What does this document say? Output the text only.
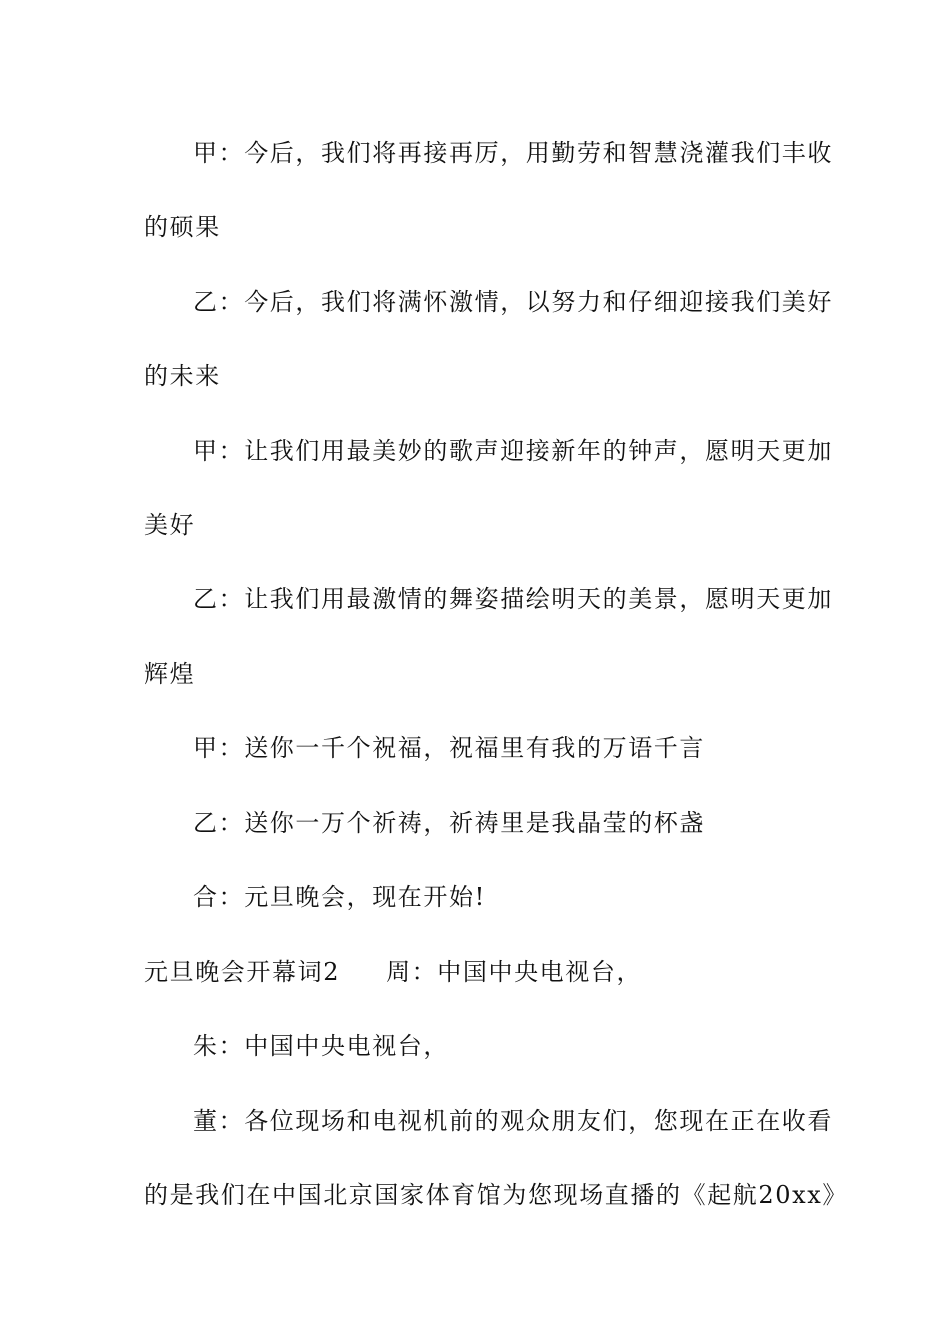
甲：今后，我们将再接再厉，用勤劳和智慧浇灌我们丰收
的硕果
乙：今后，我们将满怀激情，以努力和仔细迎接我们美好
的未来
甲：让我们用最美妙的歌声迎接新年的钟声，愿明天更加
美好
乙：让我们用最激情的舞姿描绘明天的美景，愿明天更加
辉煌
甲：送你一千个祝福，祝福里有我的万语千言
乙：送你一万个祈祷，祈祷里是我晶莹的杯盏
合：元旦晚会，现在开始!
元旦晚会开幕词2 周：中国中央电视台，
朱：中国中央电视台，
董：各位现场和电视机前的观众朋友们，您现在正在收看
的是我们在中国北京国家体育馆为您现场直播的《起航20xx》
